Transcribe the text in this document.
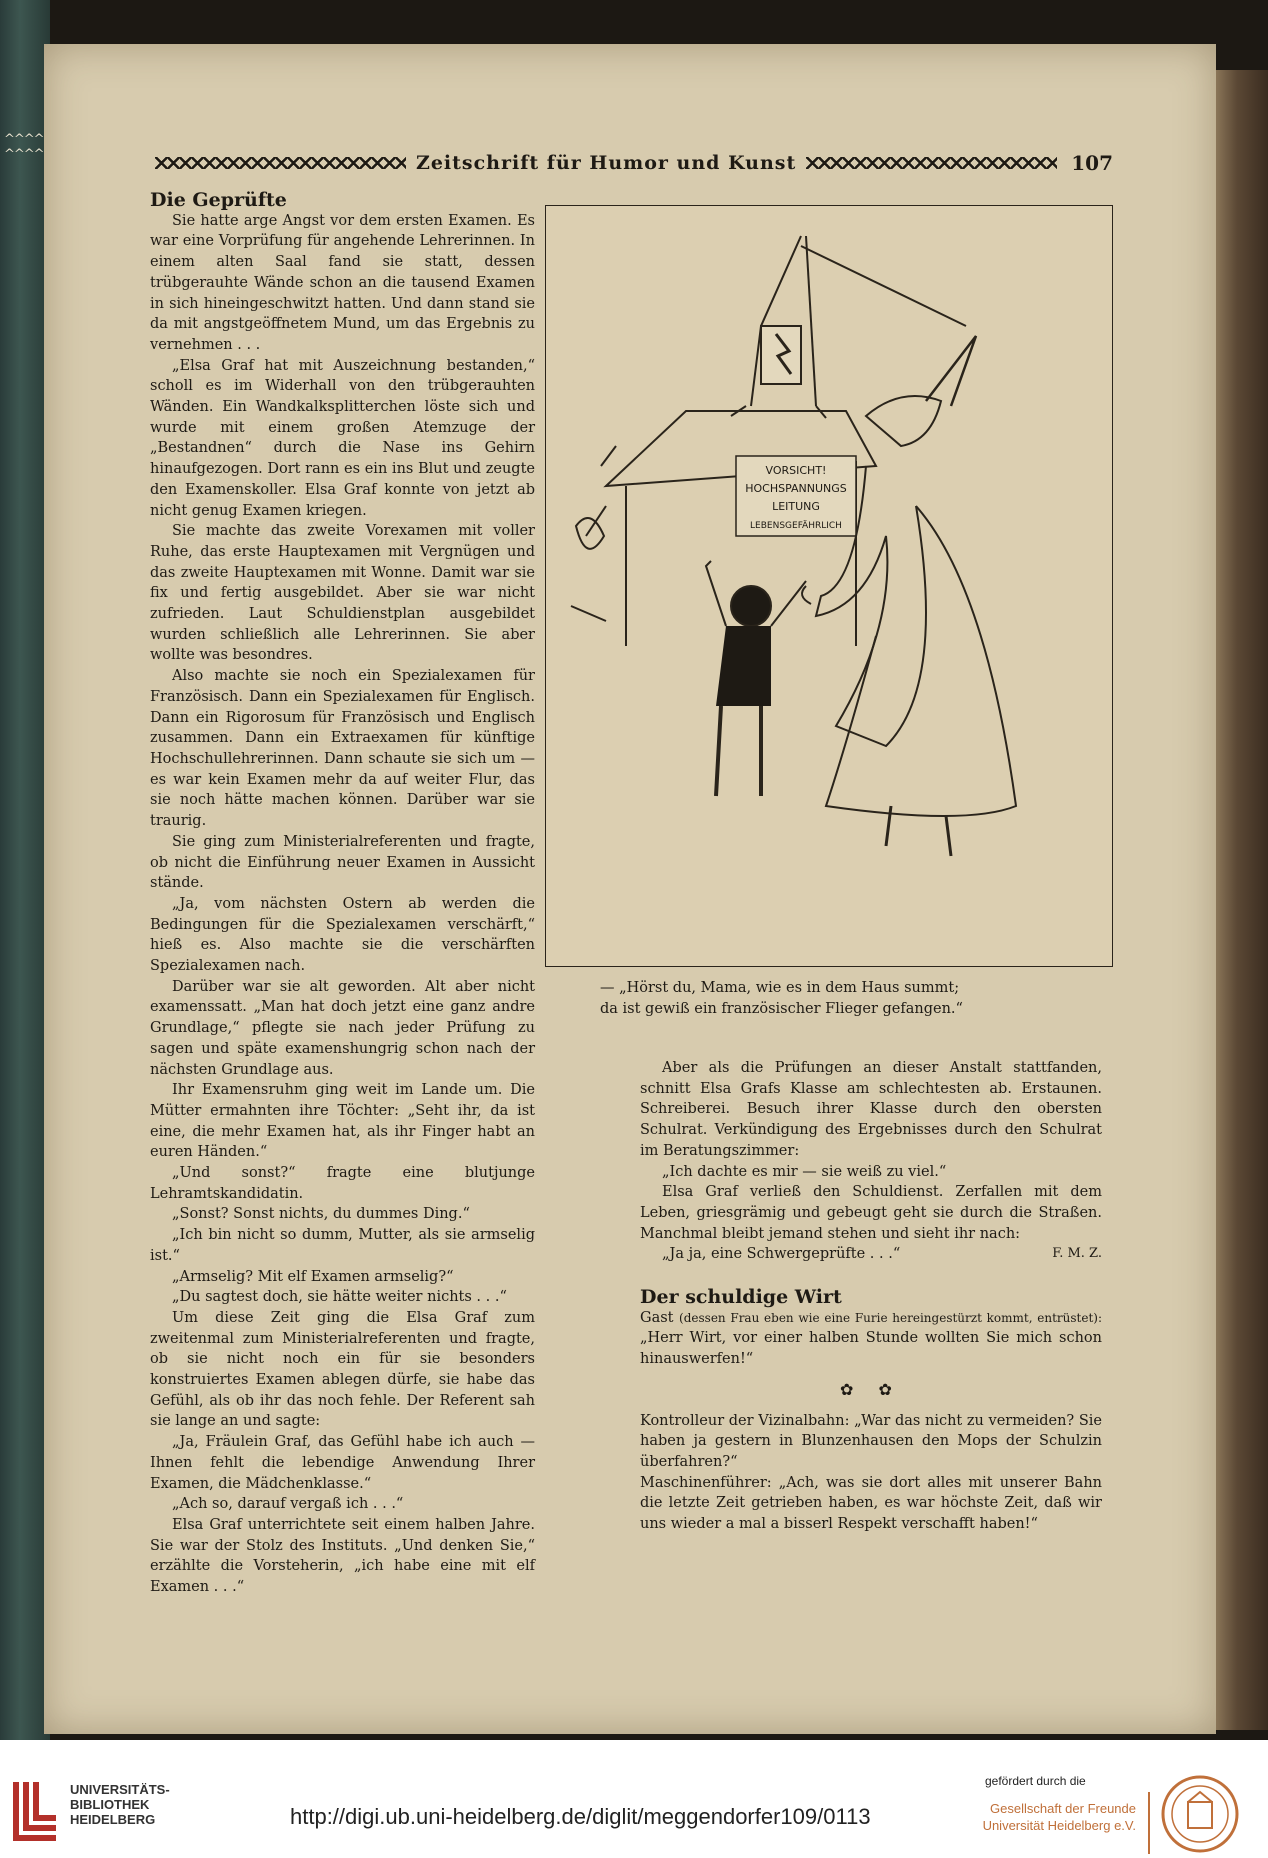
^^^^
^^^^	Zeitschrift für Humor und Kunst	107

Die Geprüfte

Sie hatte arge Angst vor dem ersten Examen. Es war eine Vorprüfung für angehende Lehrerinnen. In einem alten Saal fand sie statt, dessen trübgerauhte Wände schon an die tausend Examen in sich hineingeschwitzt hatten. Und dann stand sie da mit angstgeöffnetem Mund, um das Ergebnis zu vernehmen . . .

„Elsa Graf hat mit Auszeichnung bestanden,“ scholl es im Widerhall von den trübgerauhten Wänden. Ein Wandkalksplitterchen löste sich und wurde mit einem großen Atemzuge der „Bestandnen“ durch die Nase ins Gehirn hinaufgezogen. Dort rann es ein ins Blut und zeugte den Examenskoller. Elsa Graf konnte von jetzt ab nicht genug Examen kriegen.

Sie machte das zweite Vorexamen mit voller Ruhe, das erste Hauptexamen mit Vergnügen und das zweite Hauptexamen mit Wonne. Damit war sie fix und fertig ausgebildet. Aber sie war nicht zufrieden. Laut Schuldienstplan ausgebildet wurden schließlich alle Lehrerinnen. Sie aber wollte was besondres.

Also machte sie noch ein Spezialexamen für Französisch. Dann ein Spezialexamen für Englisch. Dann ein Rigorosum für Französisch und Englisch zusammen. Dann ein Extraexamen für künftige Hochschullehrerinnen. Dann schaute sie sich um — es war kein Examen mehr da auf weiter Flur, das sie noch hätte machen können. Darüber war sie traurig.

Sie ging zum Ministerialreferenten und fragte, ob nicht die Einführung neuer Examen in Aussicht stände.

„Ja, vom nächsten Ostern ab werden die Bedingungen für die Spezialexamen verschärft,“ hieß es. Also machte sie die verschärften Spezialexamen nach.

Darüber war sie alt geworden. Alt aber nicht examenssatt. „Man hat doch jetzt eine ganz andre Grundlage,“ pflegte sie nach jeder Prüfung zu sagen und späte examenshungrig schon nach der nächsten Grundlage aus.

Ihr Examensruhm ging weit im Lande um. Die Mütter ermahnten ihre Töchter: „Seht ihr, da ist eine, die mehr Examen hat, als ihr Finger habt an euren Händen.“

„Und sonst?“ fragte eine blutjunge Lehramtskandidatin.

„Sonst? Sonst nichts, du dummes Ding.“

„Ich bin nicht so dumm, Mutter, als sie armselig ist.“

„Armselig? Mit elf Examen armselig?“

„Du sagtest doch, sie hätte weiter nichts . . .“

Um diese Zeit ging die Elsa Graf zum zweitenmal zum Ministerialreferenten und fragte, ob sie nicht noch ein für sie besonders konstruiertes Examen ablegen dürfe, sie habe das Gefühl, als ob ihr das noch fehle. Der Referent sah sie lange an und sagte:

„Ja, Fräulein Graf, das Gefühl habe ich auch — Ihnen fehlt die lebendige Anwendung Ihrer Examen, die Mädchenklasse.“

„Ach so, darauf vergaß ich . . .“

Elsa Graf unterrichtete seit einem halben Jahre. Sie war der Stolz des Instituts. „Und denken Sie,“ erzählte die Vorsteherin, „ich habe eine mit elf Examen . . .“

VORSICHT!
HOCHSPANNUNGS
LEITUNG
LEBENSGEFÄHRLICH
— „Hörst du, Mama, wie es in dem Haus summt;
da ist gewiß ein französischer Flieger gefangen.“

Aber als die Prüfungen an dieser Anstalt stattfanden, schnitt Elsa Grafs Klasse am schlechtesten ab. Erstaunen. Schreiberei. Besuch ihrer Klasse durch den obersten Schulrat. Verkündigung des Ergebnisses durch den Schulrat im Beratungszimmer:

„Ich dachte es mir — sie weiß zu viel.“

Elsa Graf verließ den Schuldienst. Zerfallen mit dem Leben, griesgrämig und gebeugt geht sie durch die Straßen. Manchmal bleibt jemand stehen und sieht ihr nach:

„Ja ja, eine Schwergeprüfte . . .“	F. M. Z.

Der schuldige Wirt

Gast (dessen Frau eben wie eine Furie hereingestürzt kommt, entrüstet): „Herr Wirt, vor einer halben Stunde wollten Sie mich schon hinauswerfen!“

✿ ✿

Kontrolleur der Vizinalbahn: „War das nicht zu vermeiden? Sie haben ja gestern in Blunzenhausen den Mops der Schulzin überfahren?“

Maschinenführer: „Ach, was sie dort alles mit unserer Bahn die letzte Zeit getrieben haben, es war höchste Zeit, daß wir uns wieder a mal a bisserl Respekt verschafft haben!“

UNIVERSITÄTS-
BIBLIOTHEK
HEIDELBERG	http://digi.ub.uni-heidelberg.de/diglit/meggendorfer109/0113
gefördert durch die
Gesellschaft der Freunde
Universität Heidelberg e.V.
